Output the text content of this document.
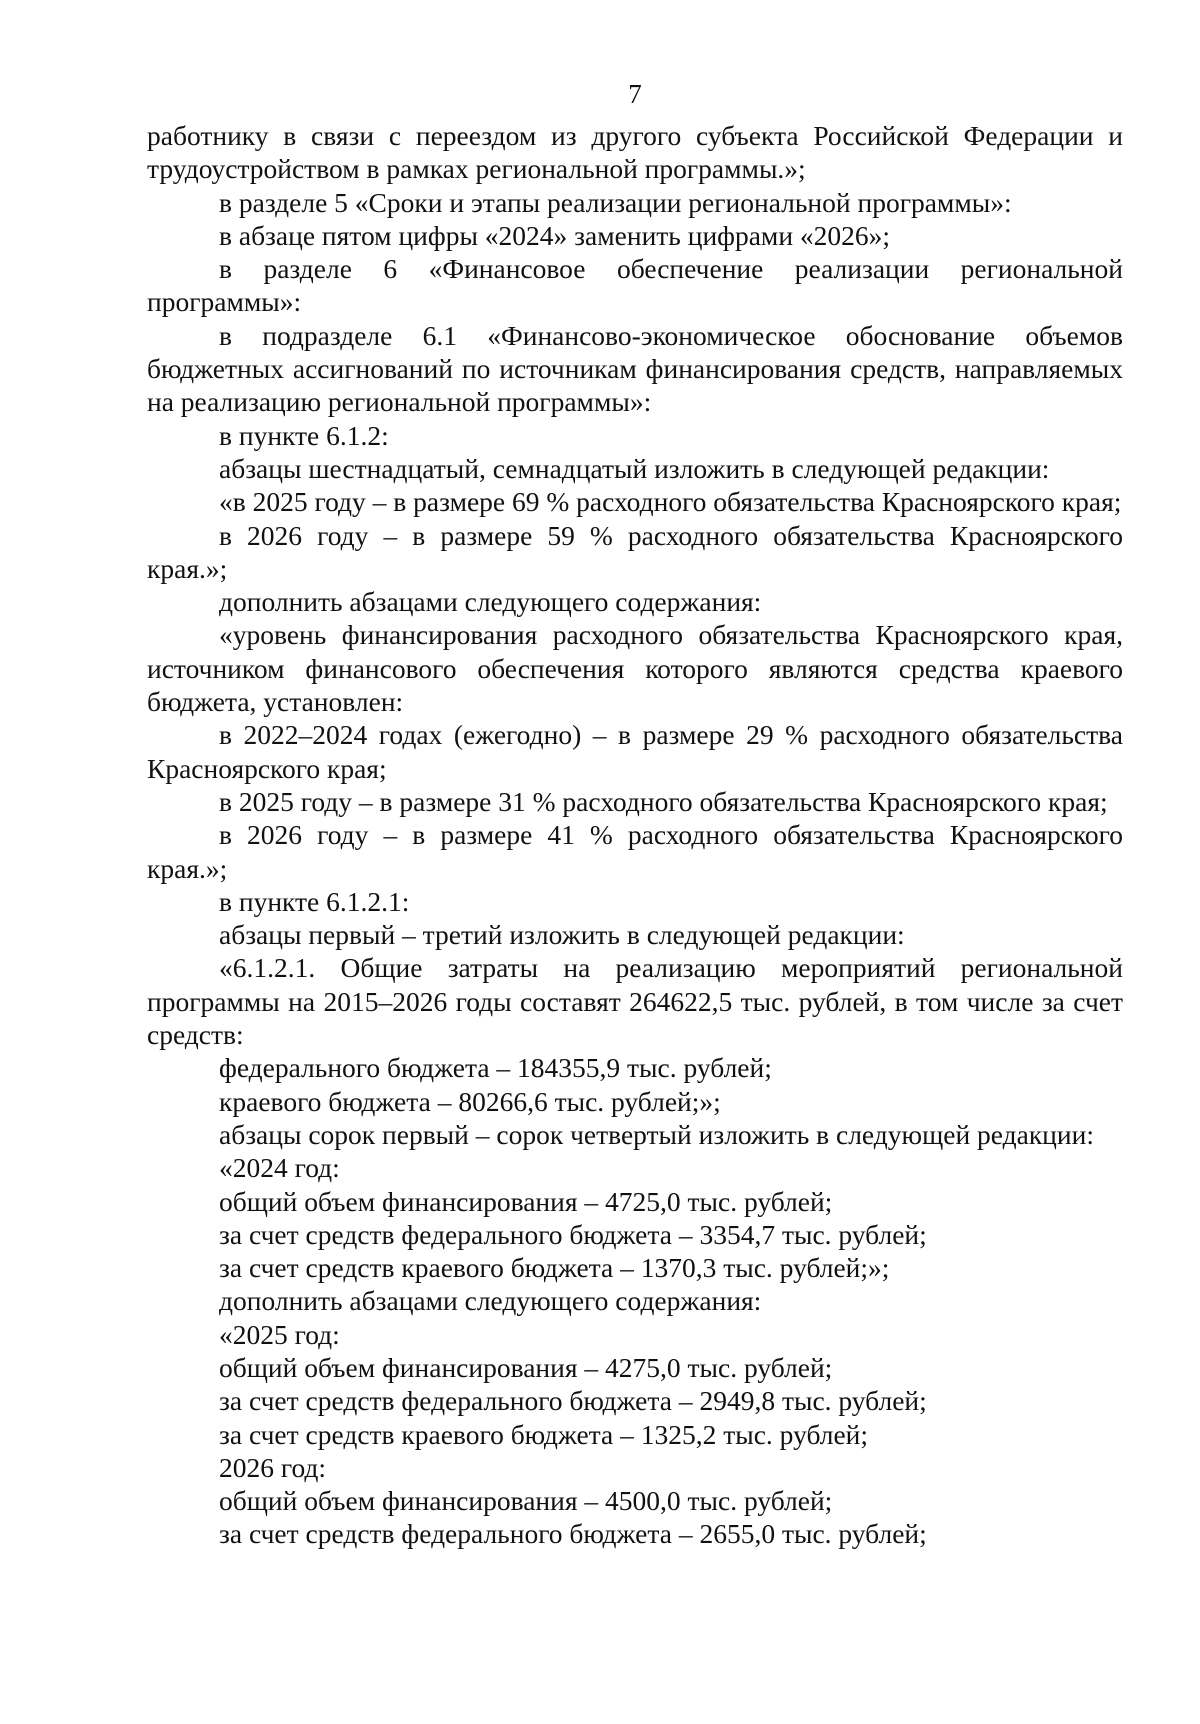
7

работнику в связи с переездом из другого субъекта Российской Федерации и трудоустройством в рамках региональной программы.»;

в разделе 5 «Сроки и этапы реализации региональной программы»:

в абзаце пятом цифры «2024» заменить цифрами «2026»;

в разделе 6 «Финансовое обеспечение реализации региональной программы»:

в подразделе 6.1 «Финансово-экономическое обоснование объемов бюджетных ассигнований по источникам финансирования средств, направляемых на реализацию региональной программы»:

в пункте 6.1.2:

абзацы шестнадцатый, семнадцатый изложить в следующей редакции:

«в 2025 году – в размере 69 % расходного обязательства Красноярского края;

в 2026 году – в размере 59 % расходного обязательства Красноярского края.»;

дополнить абзацами следующего содержания:

«уровень финансирования расходного обязательства Красноярского края, источником финансового обеспечения которого являются средства краевого бюджета, установлен:

в 2022–2024 годах (ежегодно) – в размере 29 % расходного обязательства Красноярского края;

в 2025 году – в размере 31 % расходного обязательства Красноярского края;

в 2026 году – в размере 41 % расходного обязательства Красноярского края.»;

в пункте 6.1.2.1:

абзацы первый – третий изложить в следующей редакции:

«6.1.2.1. Общие затраты на реализацию мероприятий региональной программы на 2015–2026 годы составят 264622,5 тыс. рублей, в том числе за счет средств:

федерального бюджета – 184355,9 тыс. рублей;

краевого бюджета – 80266,6 тыс. рублей;»;

абзацы сорок первый – сорок четвертый изложить в следующей редакции:

«2024 год:

общий объем финансирования – 4725,0 тыс. рублей;

за счет средств федерального бюджета – 3354,7 тыс. рублей;

за счет средств краевого бюджета – 1370,3 тыс. рублей;»;

дополнить абзацами следующего содержания:

«2025 год:

общий объем финансирования – 4275,0 тыс. рублей;

за счет средств федерального бюджета – 2949,8 тыс. рублей;

за счет средств краевого бюджета – 1325,2 тыс. рублей;

2026 год:

общий объем финансирования – 4500,0 тыс. рублей;

за счет средств федерального бюджета – 2655,0 тыс. рублей;
